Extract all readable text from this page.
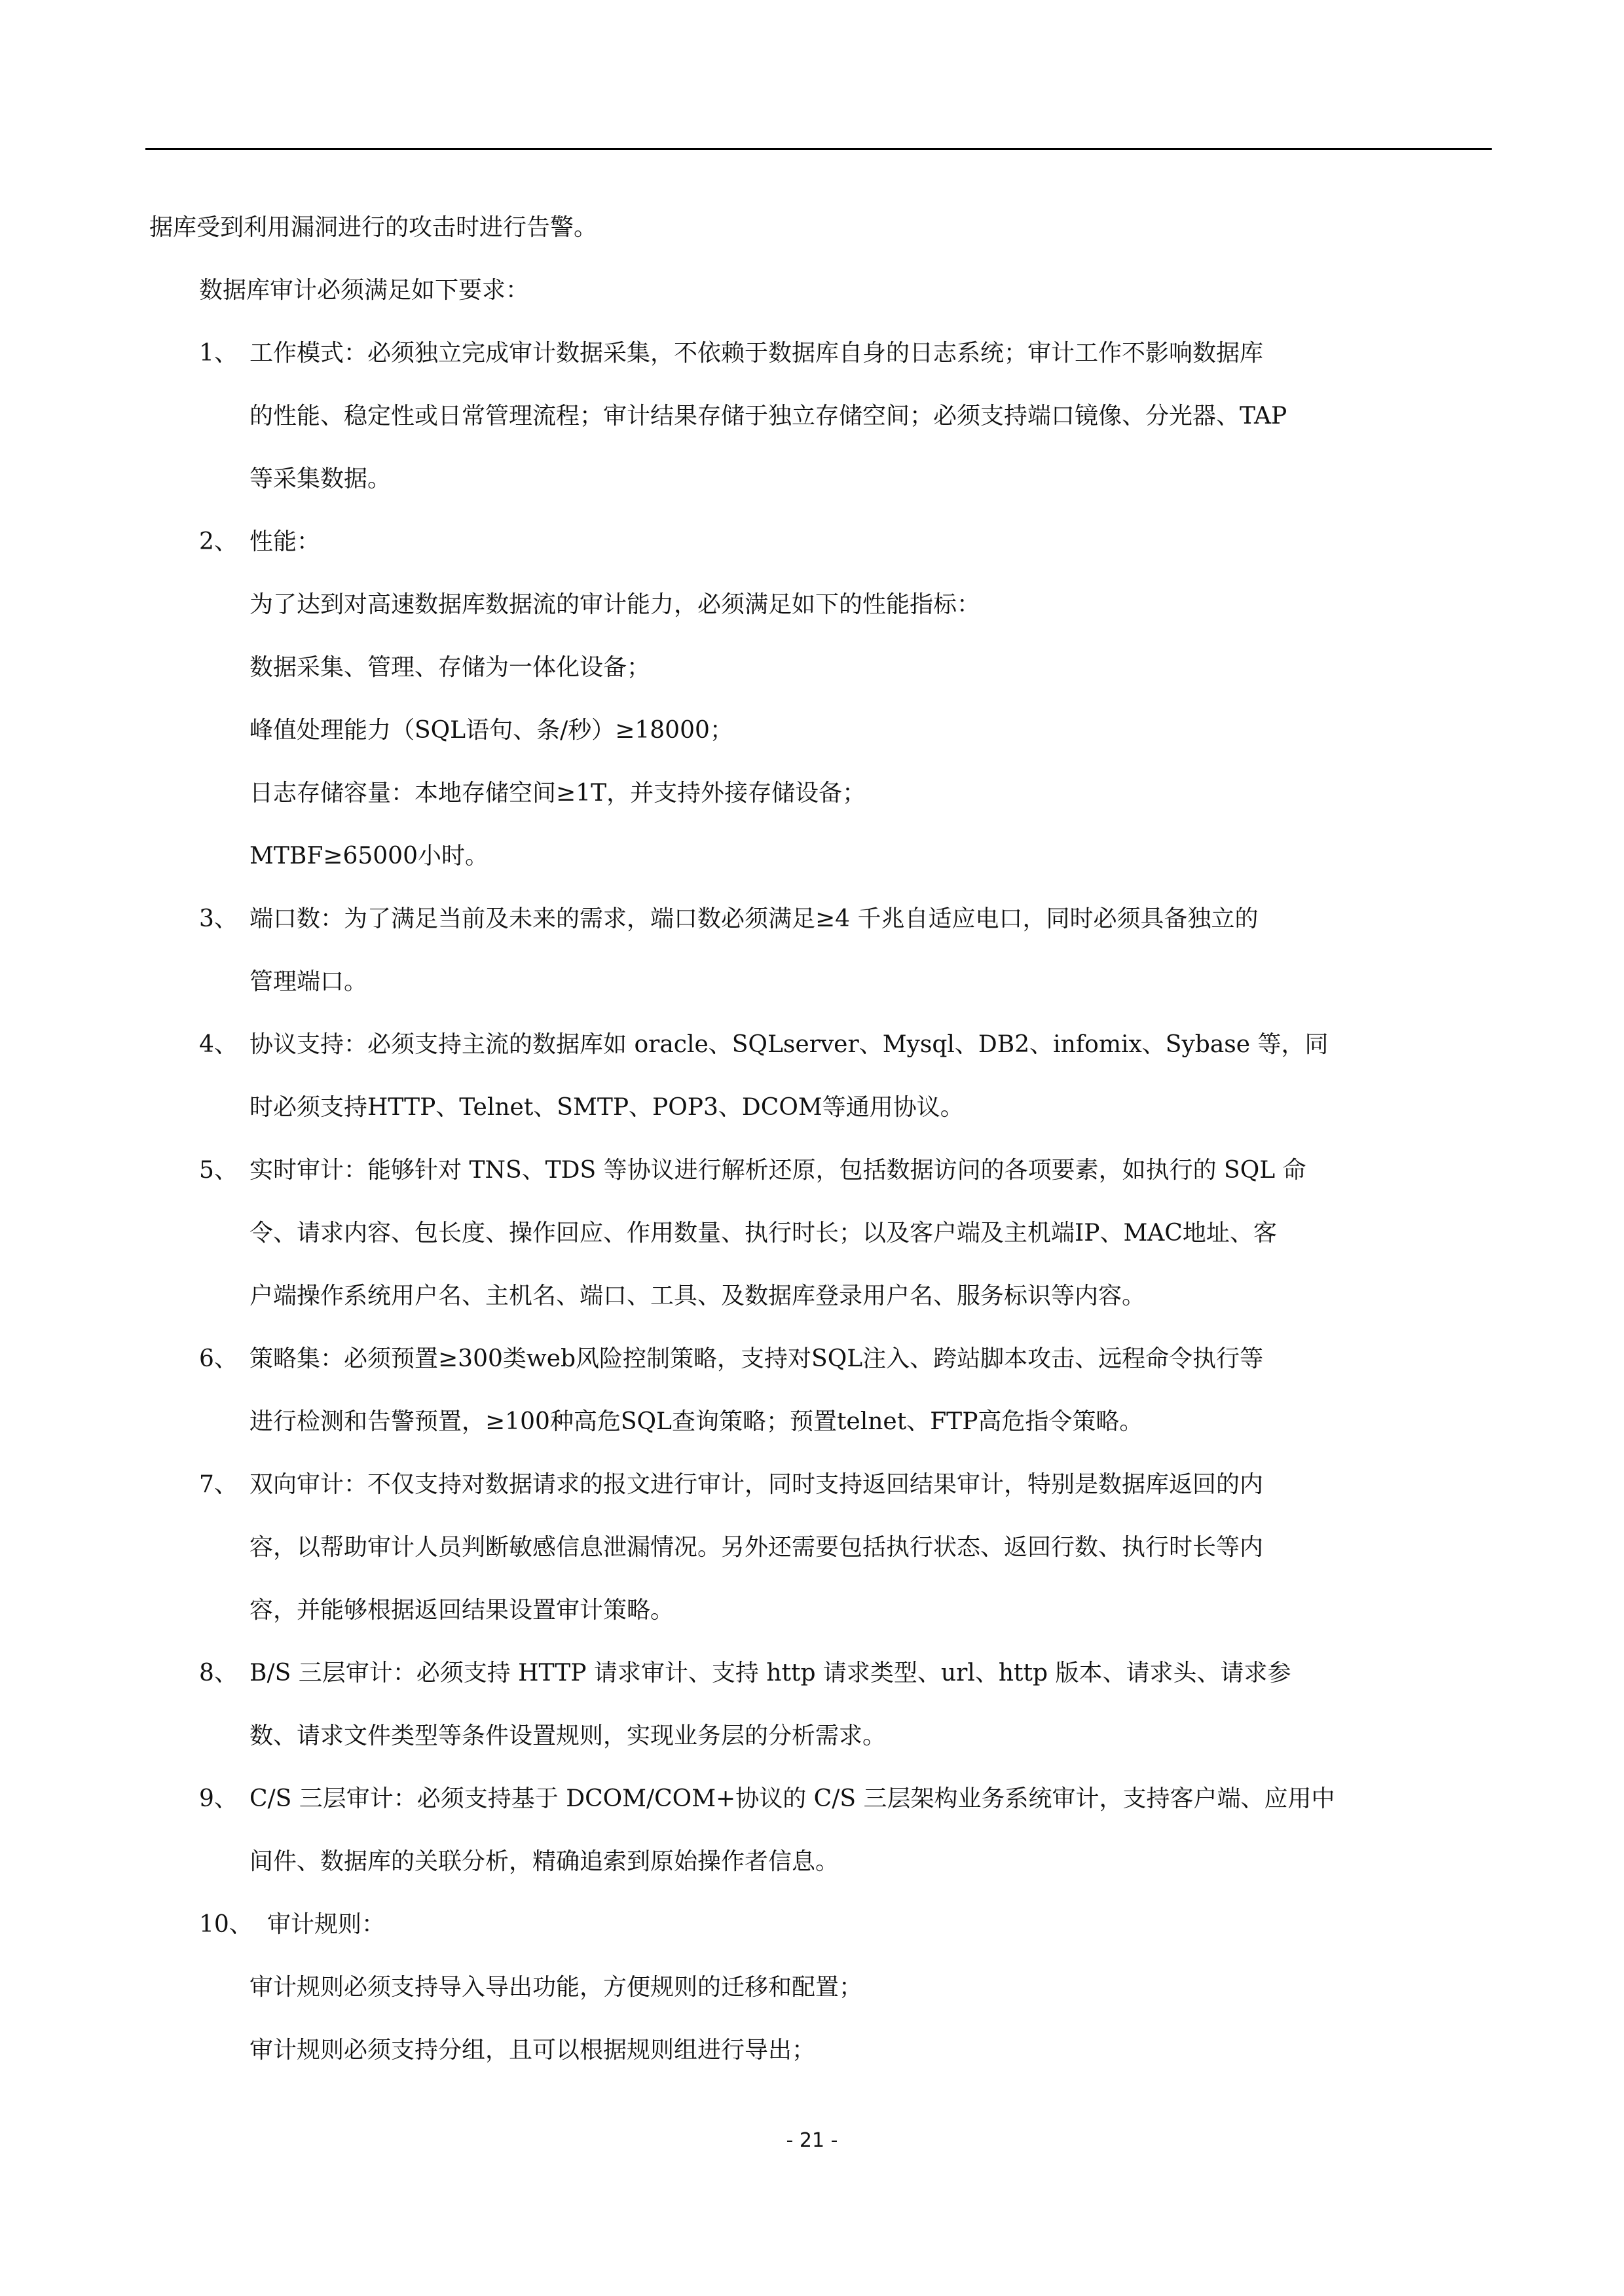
据库受到利用漏洞进行的攻击时进行告警。
数据库审计必须满足如下要求：
1、 工作模式：必须独立完成审计数据采集，不依赖于数据库自身的日志系统；审计工作不影响数据库
的性能、稳定性或日常管理流程；审计结果存储于独立存储空间；必须支持端口镜像、分光器、TAP
等采集数据。
2、 性能：
为了达到对高速数据库数据流的审计能力，必须满足如下的性能指标：
数据采集、管理、存储为一体化设备；
峰值处理能力（SQL语句、条/秒）≥18000；
日志存储容量：本地存储空间≥1T，并支持外接存储设备；
MTBF≥65000小时。
3、 端口数：为了满足当前及未来的需求，端口数必须满足≥4 千兆自适应电口，同时必须具备独立的
管理端口。
4、 协议支持：必须支持主流的数据库如 oracle、SQLserver、Mysql、DB2、infomix、Sybase 等，同
时必须支持HTTP、Telnet、SMTP、POP3、DCOM等通用协议。
5、 实时审计：能够针对 TNS、TDS 等协议进行解析还原，包括数据访问的各项要素，如执行的 SQL 命
令、请求内容、包长度、操作回应、作用数量、执行时长；以及客户端及主机端IP、MAC地址、客
户端操作系统用户名、主机名、端口、工具、及数据库登录用户名、服务标识等内容。
6、 策略集：必须预置≥300类web风险控制策略，支持对SQL注入、跨站脚本攻击、远程命令执行等
进行检测和告警预置，≥100种高危SQL查询策略；预置telnet、FTP高危指令策略。
7、 双向审计：不仅支持对数据请求的报文进行审计，同时支持返回结果审计，特别是数据库返回的内
容，以帮助审计人员判断敏感信息泄漏情况。另外还需要包括执行状态、返回行数、执行时长等内
容，并能够根据返回结果设置审计策略。
8、 B/S 三层审计：必须支持 HTTP 请求审计、支持 http 请求类型、url、http 版本、请求头、请求参
数、请求文件类型等条件设置规则，实现业务层的分析需求。
9、 C/S 三层审计：必须支持基于 DCOM/COM+协议的 C/S 三层架构业务系统审计，支持客户端、应用中
间件、数据库的关联分析，精确追索到原始操作者信息。
10、 审计规则：
审计规则必须支持导入导出功能，方便规则的迁移和配置；
审计规则必须支持分组，且可以根据规则组进行导出；
- 21 -
